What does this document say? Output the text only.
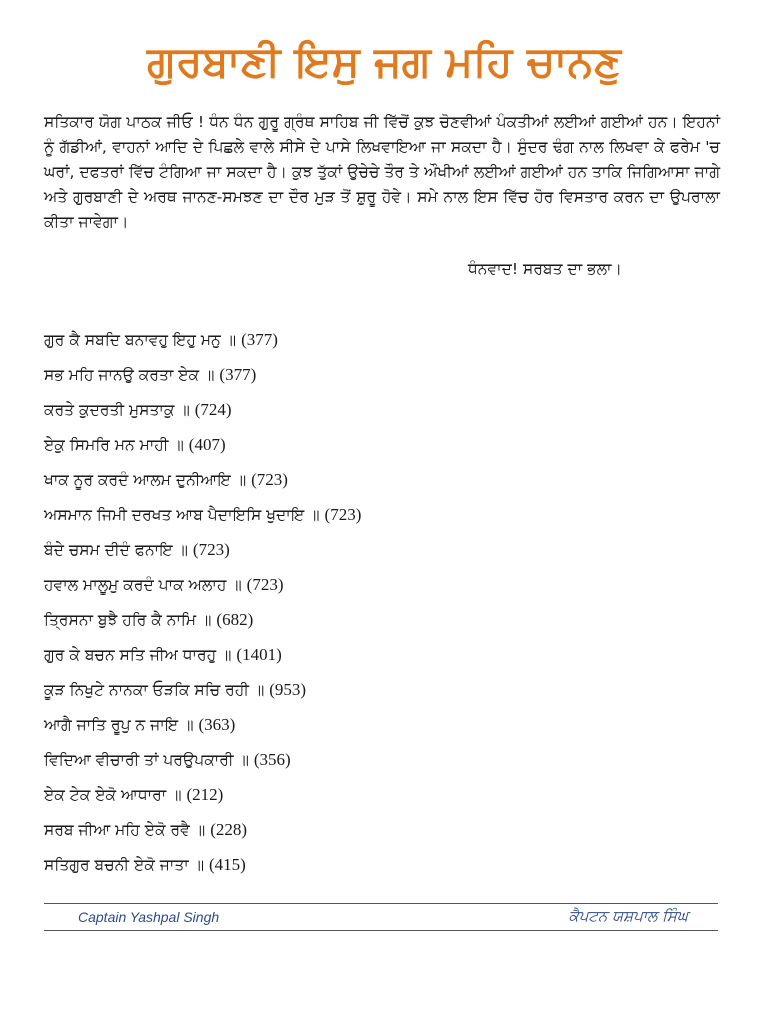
ਗੁਰਬਾਣੀ ਇਸੁ ਜਗ ਮਹਿ ਚਾਨਣੁ
ਸਤਿਕਾਰ ਯੋਗ ਪਾਠਕ ਜੀਓ ! ਧੰਨ ਧੰਨ ਗੁਰੂ ਗ੍ਰੰਥ ਸਾਹਿਬ ਜੀ ਵਿੱਚੋਂ ਕੁਝ ਚੋਣਵੀਆਂ ਪੰਕਤੀਆਂ ਲਈਆਂ ਗਈਆਂ ਹਨ। ਇਹਨਾਂ ਨੂੰ ਗੱਡੀਆਂ, ਵਾਹਨਾਂ ਆਦਿ ਦੇ ਪਿਛਲੇ ਵਾਲੇ ਸੀਸੇ ਦੇ ਪਾਸੇ ਲਿਖਵਾਇਆ ਜਾ ਸਕਦਾ ਹੈ। ਸੁੰਦਰ ਢੰਗ ਨਾਲ ਲਿਖਵਾ ਕੇ ਫਰੇਮ 'ਚ ਘਰਾਂ, ਦਫਤਰਾਂ ਵਿੱਚ ਟੰਗਿਆ ਜਾ ਸਕਦਾ ਹੈ। ਕੁਝ ਤੁੱਕਾਂ ਉਚੇਚੇ ਤੌਰ ਤੇ ਔਖੀਆਂ ਲਈਆਂ ਗਈਆਂ ਹਨ ਤਾਕਿ ਜਿਗਿਆਸਾ ਜਾਗੇ ਅਤੇ ਗੁਰਬਾਣੀ ਦੇ ਅਰਥ ਜਾਨਣ-ਸਮਝਣ ਦਾ ਦੌਰ ਮੁੜ ਤੋਂ ਸ਼ੁਰੂ ਹੋਵੇ। ਸਮੇ ਨਾਲ ਇਸ ਵਿੱਚ ਹੋਰ ਵਿਸਤਾਰ ਕਰਨ ਦਾ ਉਪਰਾਲਾ ਕੀਤਾ ਜਾਵੇਗਾ।
ਧੰਨਵਾਦ! ਸਰਬਤ ਦਾ ਭਲਾ।
ਗੁਰ ਕੈ ਸਬਦਿ ਬਨਾਵਹੁ ਇਹੁ ਮਨੁ ॥ (377)
ਸਭ ਮਹਿ ਜਾਨਉ ਕਰਤਾ ਏਕ ॥ (377)
ਕਰਤੇ ਕੁਦਰਤੀ ਮੁਸਤਾਕੁ ॥ (724)
ਏਕੁ ਸਿਮਰਿ ਮਨ ਮਾਹੀ ॥ (407)
ਖਾਕ ਨੂਰ ਕਰਦੰ ਆਲਮ ਦੁਨੀਆਇ ॥ (723)
ਅਸਮਾਨ ਜਿਮੀ ਦਰਖਤ ਆਬ ਪੈਦਾਇਸਿ ਖੁਦਾਇ ॥ (723)
ਬੰਦੇ ਚਸਮ ਦੀਦੰ ਫਨਾਇ ॥ (723)
ਹਵਾਲ ਮਾਲੂਮੁ ਕਰਦੰ ਪਾਕ ਅਲਾਹ ॥ (723)
ਤ੍ਰਿਸਨਾ ਬੁਝੈ ਹਰਿ ਕੈ ਨਾਮਿ ॥ (682)
ਗੁਰ ਕੇ ਬਚਨ ਸਤਿ ਜੀਅ ਧਾਰਹੁ ॥ (1401)
ਕੂੜ ਨਿਖੁਟੇ ਨਾਨਕਾ ਓੜਕਿ ਸਚਿ ਰਹੀ ॥ (953)
ਆਗੈ ਜਾਤਿ ਰੂਪੁ ਨ ਜਾਇ ॥ (363)
ਵਿਦਿਆ ਵੀਚਾਰੀ ਤਾਂ ਪਰਉਪਕਾਰੀ ॥ (356)
ਏਕ ਟੇਕ ਏਕੋ ਆਧਾਰਾ ॥ (212)
ਸਰਬ ਜੀਆ ਮਹਿ ਏਕੋ ਰਵੈ ॥ (228)
ਸਤਿਗੁਰ ਬਚਨੀ ਏਕੋ ਜਾਤਾ ॥ (415)
Captain Yashpal Singh	ਕੈਪਟਨ ਯਸ਼ਪਾਲ ਸਿੰਘ
